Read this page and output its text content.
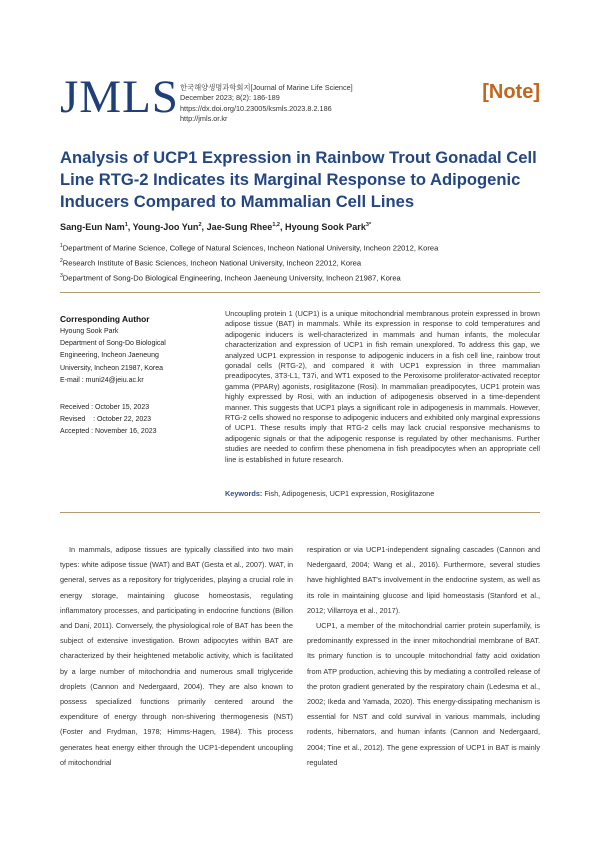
JMLS 한국해양생명과학회지[Journal of Marine Life Science]
December 2023; 8(2): 186-189
https://dx.doi.org/10.23005/ksmls.2023.8.2.186
http://jmls.or.kr
[Note]
Analysis of UCP1 Expression in Rainbow Trout Gonadal Cell Line RTG-2 Indicates its Marginal Response to Adipogenic Inducers Compared to Mammalian Cell Lines
Sang-Eun Nam$^1$, Young-Joo Yun$^2$, Jae-Sung Rhee$^{1,2}$, Hyoung Sook Park$^{3*}$

$^1$Department of Marine Science, College of Natural Sciences, Incheon National University, Incheon 22012, Korea

$^2$Research Institute of Basic Sciences, Incheon National University, Incheon 22012, Korea

$^3$Department of Song-Do Biological Engineering, Incheon Jaeneung University, Incheon 21987, Korea

Corresponding Author

Hyoung Sook Park

Department of Song-Do Biological

Engineering, Incheon Jaeneung

University, Incheon 21987, Korea

E-mail : muni24@jeiu.ac.kr

Received : October 15, 2023

Revised    : October 22, 2023

Accepted : November 16, 2023

Uncoupling protein 1 (UCP1) is a unique mitochondrial membranous protein expressed in brown adipose tissue (BAT) in mammals. While its expression in response to cold temperatures and adipogenic inducers is well-characterized in mammals and human infants, the molecular characterization and expression of UCP1 in fish remain unexplored. To address this gap, we analyzed UCP1 expression in response to adipogenic inducers in a fish cell line, rainbow trout gonadal cells (RTG-2), and compared it with UCP1 expression in three mammalian preadipocytes, 3T3-L1, T37i, and WT1 exposed to the Peroxisome proliferator-activated receptor gamma (PPARγ) agonists, rosiglitazone (Rosi). In mammalian preadipocytes, UCP1 protein was highly expressed by Rosi, with an induction of adipogenesis observed in a time-dependent manner. This suggests that UCP1 plays a significant role in adipogenesis in mammals. However, RTG-2 cells showed no response to adipogenic inducers and exhibited only marginal expressions of UCP1. These results imply that RTG-2 cells may lack crucial responsive mechanisms to adipogenic signals or that the adipogenic response is regulated by other mechanisms. Further studies are needed to confirm these phenomena in fish preadipocytes when an appropriate cell line is established in future research.

Keywords: Fish, Adipogenesis, UCP1 expression, Rosiglitazone

In mammals, adipose tissues are typically classified into two main types: white adipose tissue (WAT) and BAT (Gesta et al., 2007). WAT, in general, serves as a repository for triglycerides, playing a crucial role in energy storage, maintaining glucose homeostasis, regulating inflammatory processes, and participating in endocrine functions (Billon and Dani, 2011). Conversely, the physiological role of BAT has been the subject of extensive investigation. Brown adipocytes within BAT are characterized by their heightened metabolic activity, which is facilitated by a large number of mitochondria and numerous small triglyceride droplets (Cannon and Nedergaard, 2004). They are also known to possess specialized functions primarily centered around the expenditure of energy through non-shivering thermogenesis (NST) (Foster and Frydman, 1978; Himms-Hagen, 1984). This process generates heat energy either through the UCP1-dependent uncoupling of mitochondrial

respiration or via UCP1-independent signaling cascades (Cannon and Nedergaard, 2004; Wang et al., 2016). Furthermore, several studies have highlighted BAT's involvement in the endocrine system, as well as its role in maintaining glucose and lipid homeostasis (Stanford et al., 2012; Villarroya et al., 2017).

UCP1, a member of the mitochondrial carrier protein superfamily, is predominantly expressed in the inner mitochondrial membrane of BAT. Its primary function is to uncouple mitochondrial fatty acid oxidation from ATP production, achieving this by mediating a controlled release of the proton gradient generated by the respiratory chain (Ledesma et al., 2002; Ikeda and Yamada, 2020). This energy-dissipating mechanism is essential for NST and cold survival in various mammals, including rodents, hibernators, and human infants (Cannon and Nedergaard, 2004; Tine et al., 2012). The gene expression of UCP1 in BAT is mainly regulated
